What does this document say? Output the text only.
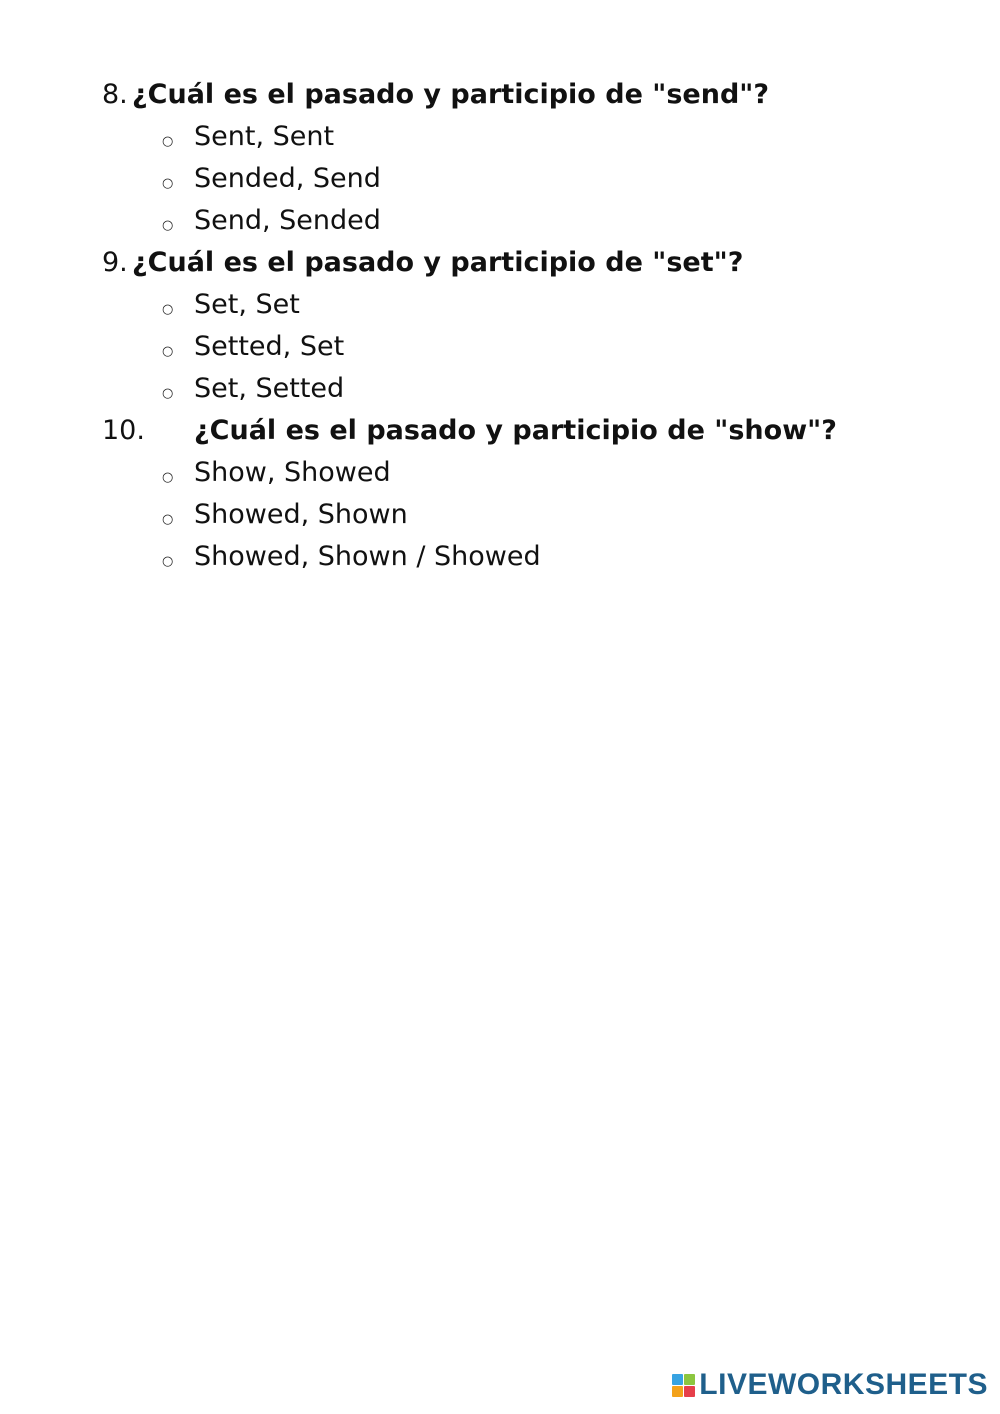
8. ¿Cuál es el pasado y participio de "send"?
○ Sent, Sent
○ Sended, Send
○ Send, Sended
9. ¿Cuál es el pasado y participio de "set"?
○ Set, Set
○ Setted, Set
○ Set, Setted
10.	¿Cuál es el pasado y participio de "show"?
○ Show, Showed
○ Showed, Shown
○ Showed, Shown / Showed
LIVEWORKSHEETS
